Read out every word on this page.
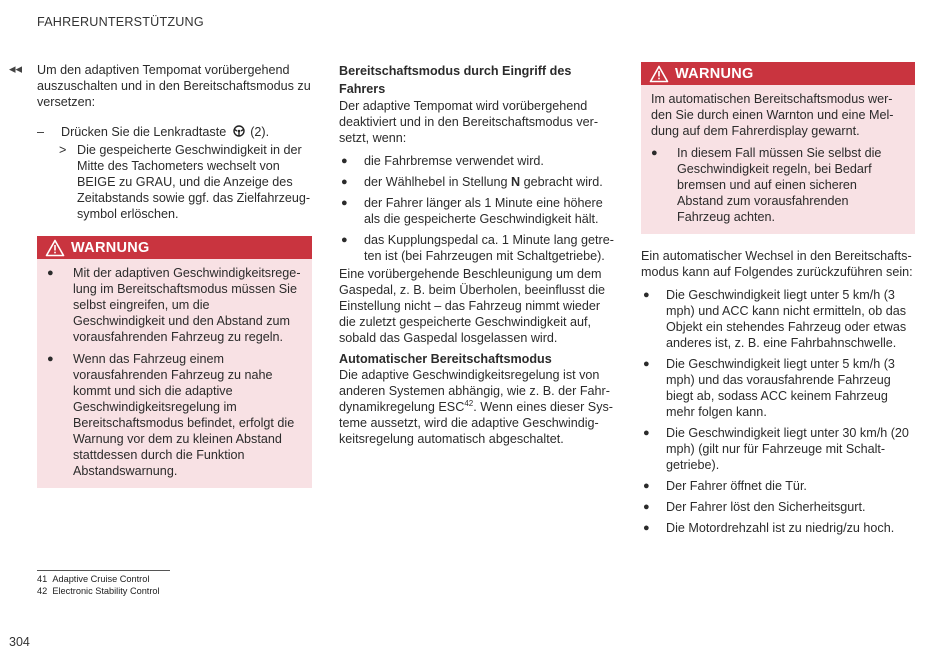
FAHRERUNTERSTÜTZUNG
◂◂ Um den adaptiven Tempomat vorübergehend auszuschalten und in den Bereitschaftsmodus zu versetzen:

– Drücken Sie die Lenkradtaste (2).
> Die gespeicherte Geschwindigkeit in der Mitte des Tachometers wechselt von BEIGE zu GRAU, und die Anzeige des Zeitabstands sowie ggf. das Zielfahrzeugsymbol erlöschen.
WARNUNG
● Mit der adaptiven Geschwindigkeitsregelung im Bereitschaftsmodus müssen Sie selbst eingreifen, um die Geschwindigkeit und den Abstand zum vorausfahrenden Fahrzeug zu regeln.
● Wenn das Fahrzeug einem vorausfahrenden Fahrzeug zu nahe kommt und sich die adaptive Geschwindigkeitsregelung im Bereitschaftsmodus befindet, erfolgt die Warnung vor dem zu kleinen Abstand stattdessen durch die Funktion Abstandswarnung.

Bereitschaftsmodus durch Eingriff des Fahrers

Der adaptive Tempomat wird vorübergehend deaktiviert und in den Bereitschaftsmodus versetzt, wenn:

● die Fahrbremse verwendet wird.
● der Wählhebel in Stellung N gebracht wird.
● der Fahrer länger als 1 Minute eine höhere als die gespeicherte Geschwindigkeit hält.
● das Kupplungspedal ca. 1 Minute lang getreten ist (bei Fahrzeugen mit Schaltgetriebe).

Eine vorübergehende Beschleunigung um dem Gaspedal, z. B. beim Überholen, beeinflusst die Einstellung nicht – das Fahrzeug nimmt wieder die zuletzt gespeicherte Geschwindigkeit auf, sobald das Gaspedal losgelassen wird.

Automatischer Bereitschaftsmodus

Die adaptive Geschwindigkeitsregelung ist von anderen Systemen abhängig, wie z. B. der Fahrdynamikregelung ESC$^{42}$. Wenn eines dieser Systeme aussetzt, wird die adaptive Geschwindigkeitsregelung automatisch abgeschaltet.

WARNUNG

Im automatischen Bereitschaftsmodus werden Sie durch einen Warnton und eine Meldung auf dem Fahrerdisplay gewarnt.

● In diesem Fall müssen Sie selbst die Geschwindigkeit regeln, bei Bedarf bremsen und auf einen sicheren Abstand zum vorausfahrenden Fahrzeug achten.

Ein automatischer Wechsel in den Bereitschaftsmodus kann auf Folgendes zurückzuführen sein:

● Die Geschwindigkeit liegt unter 5 km/h (3 mph) und ACC kann nicht ermitteln, ob das Objekt ein stehendes Fahrzeug oder etwas anderes ist, z. B. eine Fahrbahnschwelle.
● Die Geschwindigkeit liegt unter 5 km/h (3 mph) und das vorausfahrende Fahrzeug biegt ab, sodass ACC keinem Fahrzeug mehr folgen kann.
● Die Geschwindigkeit liegt unter 30 km/h (20 mph) (gilt nur für Fahrzeuge mit Schaltgetriebe).
● Der Fahrer öffnet die Tür.
● Der Fahrer löst den Sicherheitsgurt.
● Die Motordrehzahl ist zu niedrig/zu hoch.
41 Adaptive Cruise Control
42 Electronic Stability Control
304
